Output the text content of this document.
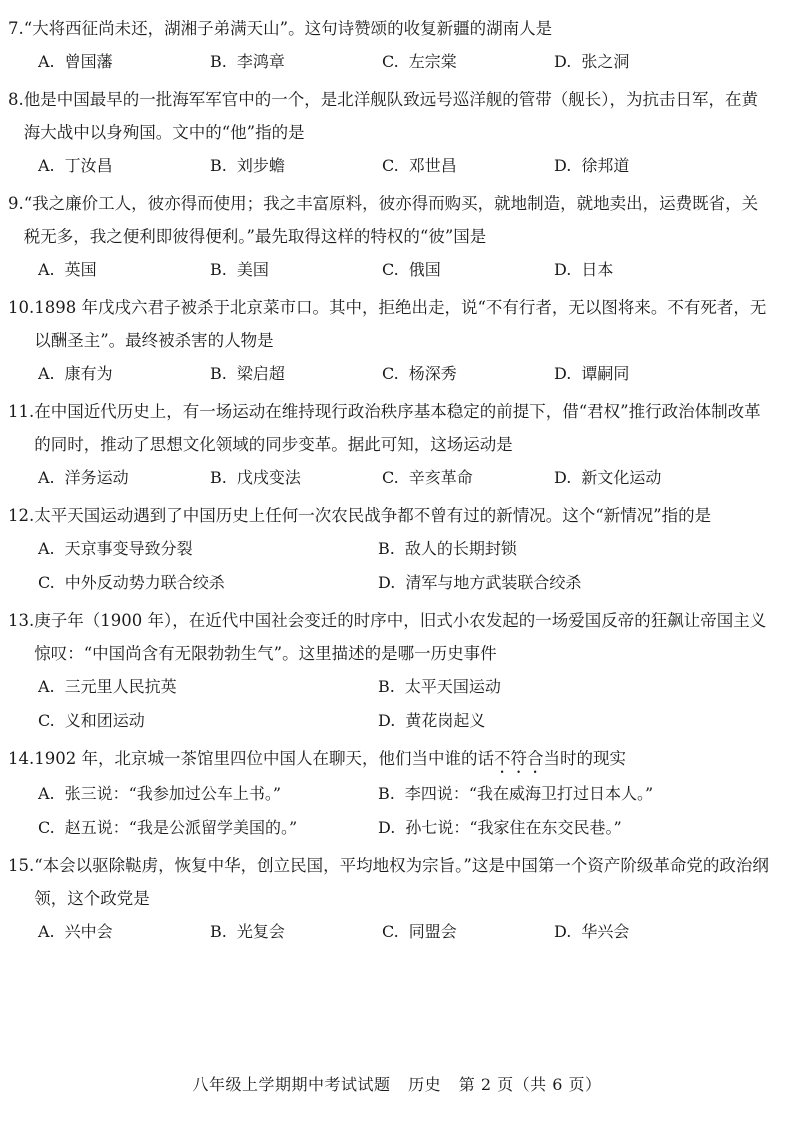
7. “大将西征尚未还，湖湘子弟满天山”。这句诗赞颂的收复新疆的湖南人是
A. 曾国藩	B. 李鸿章	C. 左宗棠	D. 张之洞
8. 他是中国最早的一批海军军官中的一个，是北洋舰队致远号巡洋舰的管带（舰长），为抗击日军，在黄海大战中以身殉国。文中的“他”指的是
A. 丁汝昌	B. 刘步蟾	C. 邓世昌	D. 徐邦道
9. “我之廉价工人，彼亦得而使用；我之丰富原料，彼亦得而购买，就地制造，就地卖出，运费既省，关税无多，我之便利即彼得便利。”最先取得这样的特权的“彼”国是
A. 英国	B. 美国	C. 俄国	D. 日本
10. 1898 年戊戌六君子被杀于北京菜市口。其中，拒绝出走，说“不有行者，无以图将来。不有死者，无以酬圣主”。最终被杀害的人物是
A. 康有为	B. 梁启超	C. 杨深秀	D. 谭嗣同
11. 在中国近代历史上，有一场运动在维持现行政治秩序基本稳定的前提下，借“君权”推行政治体制改革的同时，推动了思想文化领域的同步变革。据此可知，这场运动是
A. 洋务运动	B. 戊戌变法	C. 辛亥革命	D. 新文化运动
12. 太平天国运动遇到了中国历史上任何一次农民战争都不曾有过的新情况。这个“新情况”指的是
A. 天京事变导致分裂	B. 敌人的长期封锁
C. 中外反动势力联合绞杀	D. 清军与地方武装联合绞杀
13. 庚子年（1900 年），在近代中国社会变迁的时序中，旧式小农发起的一场爱国反帝的狂飙让帝国主义惊叹：“中国尚含有无限勃勃生气”。这里描述的是哪一历史事件
A. 三元里人民抗英	B. 太平天国运动
C. 义和团运动	D. 黄花岗起义
14. 1902 年，北京城一茶馆里四位中国人在聊天，他们当中谁的话不符合当时的现实
A. 张三说：“我参加过公车上书。”	B. 李四说：“我在威海卫打过日本人。”
C. 赵五说：“我是公派留学美国的。”	D. 孙七说：“我家住在东交民巷。”
15. “本会以驱除鞑虏，恢复中华，创立民国，平均地权为宗旨。”这是中国第一个资产阶级革命党的政治纲领，这个政党是
A. 兴中会	B. 光复会	C. 同盟会	D. 华兴会
八年级上学期期中考试试题 历史 第 2 页（共 6 页）
